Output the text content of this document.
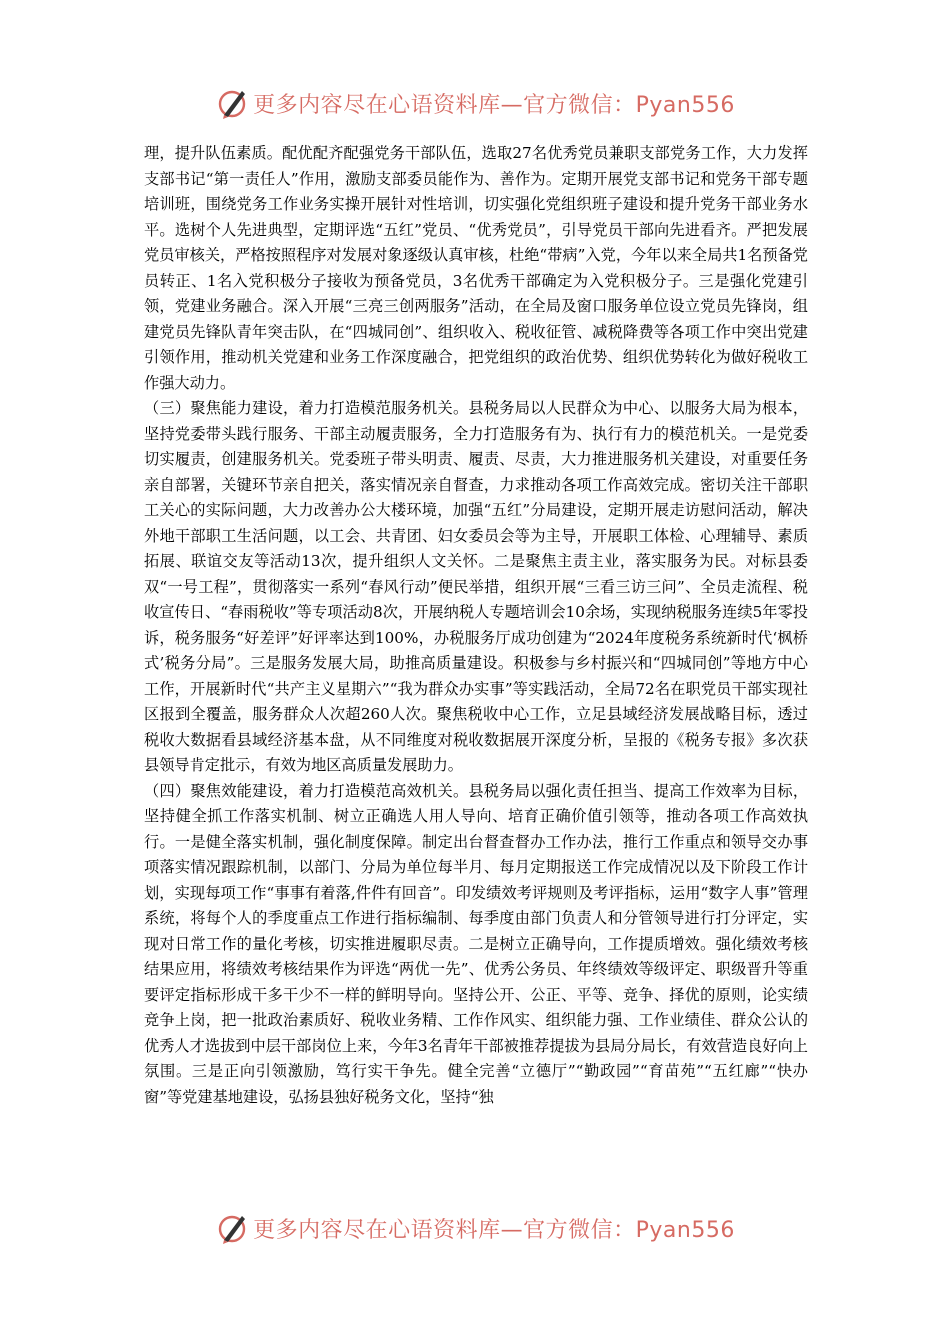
更多内容尽在心语资料库—官方微信：Pyan556

理，提升队伍素质。配优配齐配强党务干部队伍，选取27名优秀党员兼职支部党务工作，大力发挥支部书记“第一责任人”作用，激励支部委员能作为、善作为。定期开展党支部书记和党务干部专题培训班，围绕党务工作业务实操开展针对性培训，切实强化党组织班子建设和提升党务干部业务水平。选树个人先进典型，定期评选“五红”党员、“优秀党员”，引导党员干部向先进看齐。严把发展党员审核关，严格按照程序对发展对象逐级认真审核，杜绝“带病”入党，今年以来全局共1名预备党员转正、1名入党积极分子接收为预备党员，3名优秀干部确定为入党积极分子。三是强化党建引领，党建业务融合。深入开展“三亮三创两服务”活动，在全局及窗口服务单位设立党员先锋岗，组建党员先锋队青年突击队，在“四城同创”、组织收入、税收征管、减税降费等各项工作中突出党建引领作用，推动机关党建和业务工作深度融合，把党组织的政治优势、组织优势转化为做好税收工作强大动力。

（三）聚焦能力建设，着力打造模范服务机关。县税务局以人民群众为中心、以服务大局为根本，坚持党委带头践行服务、干部主动履责服务，全力打造服务有为、执行有力的模范机关。一是党委切实履责，创建服务机关。党委班子带头明责、履责、尽责，大力推进服务机关建设，对重要任务亲自部署，关键环节亲自把关，落实情况亲自督查，力求推动各项工作高效完成。密切关注干部职工关心的实际问题，大力改善办公大楼环境，加强“五红”分局建设，定期开展走访慰问活动，解决外地干部职工生活问题，以工会、共青团、妇女委员会等为主导，开展职工体检、心理辅导、素质拓展、联谊交友等活动13次，提升组织人文关怀。二是聚焦主责主业，落实服务为民。对标县委双“一号工程”，贯彻落实一系列“春风行动”便民举措，组织开展“三看三访三问”、全员走流程、税收宣传日、“春雨税收”等专项活动8次，开展纳税人专题培训会10余场，实现纳税服务连续5年零投诉，税务服务“好差评”好评率达到100%，办税服务厅成功创建为“2024年度税务系统新时代‘枫桥式’税务分局”。三是服务发展大局，助推高质量建设。积极参与乡村振兴和“四城同创”等地方中心工作，开展新时代“共产主义星期六”“我为群众办实事”等实践活动，全局72名在职党员干部实现社区报到全覆盖，服务群众人次超260人次。聚焦税收中心工作，立足县域经济发展战略目标，透过税收大数据看县域经济基本盘，从不同维度对税收数据展开深度分析，呈报的《税务专报》多次获县领导肯定批示，有效为地区高质量发展助力。

（四）聚焦效能建设，着力打造模范高效机关。县税务局以强化责任担当、提高工作效率为目标，坚持健全抓工作落实机制、树立正确选人用人导向、培育正确价值引领等，推动各项工作高效执行。一是健全落实机制，强化制度保障。制定出台督查督办工作办法，推行工作重点和领导交办事项落实情况跟踪机制，以部门、分局为单位每半月、每月定期报送工作完成情况以及下阶段工作计划，实现每项工作“事事有着落,件件有回音”。印发绩效考评规则及考评指标，运用“数字人事”管理系统，将每个人的季度重点工作进行指标编制、每季度由部门负责人和分管领导进行打分评定，实现对日常工作的量化考核，切实推进履职尽责。二是树立正确导向，工作提质增效。强化绩效考核结果应用，将绩效考核结果作为评选“两优一先”、优秀公务员、年终绩效等级评定、职级晋升等重要评定指标形成干多干少不一样的鲜明导向。坚持公开、公正、平等、竞争、择优的原则，论实绩竞争上岗，把一批政治素质好、税收业务精、工作作风实、组织能力强、工作业绩佳、群众公认的优秀人才选拔到中层干部岗位上来，今年3名青年干部被推荐提拔为县局分局长，有效营造良好向上氛围。三是正向引领激励，笃行实干争先。健全完善“立德厅”“勤政园”“育苗苑”“五红廊”“快办窗”等党建基地建设，弘扬县独好税务文化，坚持“独

更多内容尽在心语资料库—官方微信：Pyan556
